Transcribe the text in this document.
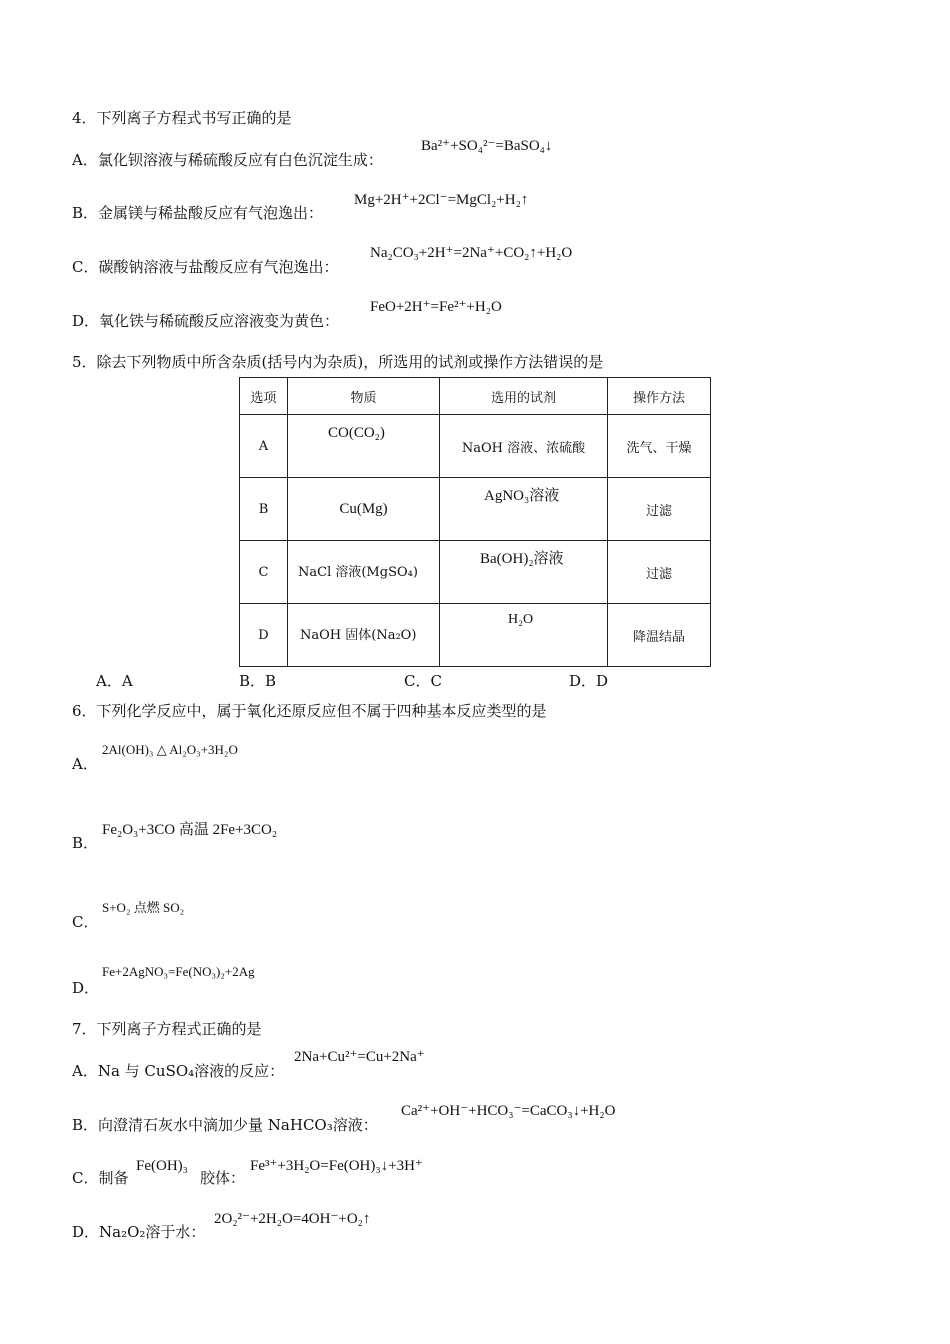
4．下列离子方程式书写正确的是
A．氯化钡溶液与稀硫酸反应有白色沉淀生成：
Ba²⁺+SO₄²⁻=BaSO₄↓
B．金属镁与稀盐酸反应有气泡逸出：
Mg+2H⁺+2Cl⁻=MgCl₂+H₂↑
C．碳酸钠溶液与盐酸反应有气泡逸出：
Na₂CO₃+2H⁺=2Na⁺+CO₂↑+H₂O
D．氧化铁与稀硫酸反应溶液变为黄色：
FeO+2H⁺=Fe²⁺+H₂O
5．除去下列物质中所含杂质(括号内为杂质)，所选用的试剂或操作方法错误的是
选项	物质	选用的试剂	操作方法
A	CO(CO₂)	NaOH 溶液、浓硫酸	洗气、干燥
B	Cu(Mg)	AgNO₃溶液	过滤
C	NaCl 溶液(MgSO₄)	Ba(OH)₂溶液	过滤
D	NaOH 固体(Na₂O)	H₂O	降温结晶
A．A	B．B	C．C	D．D
6．下列化学反应中，属于氧化还原反应但不属于四种基本反应类型的是
A．
2Al(OH)₃ △ Al₂O₃+3H₂O
B．
Fe₂O₃+3CO 高温 2Fe+3CO₂
C．
S+O₂ 点燃 SO₂
D．
Fe+2AgNO₃=Fe(NO₃)₂+2Ag
7．下列离子方程式正确的是
A．Na 与 CuSO₄溶液的反应：
2Na+Cu²⁺=Cu+2Na⁺
B．向澄清石灰水中滴加少量 NaHCO₃溶液：
Ca²⁺+OH⁻+HCO₃⁻=CaCO₃↓+H₂O
C．制备
Fe(OH)₃
胶体：
Fe³⁺+3H₂O=Fe(OH)₃↓+3H⁺
D．Na₂O₂溶于水：
2O₂²⁻+2H₂O=4OH⁻+O₂↑
